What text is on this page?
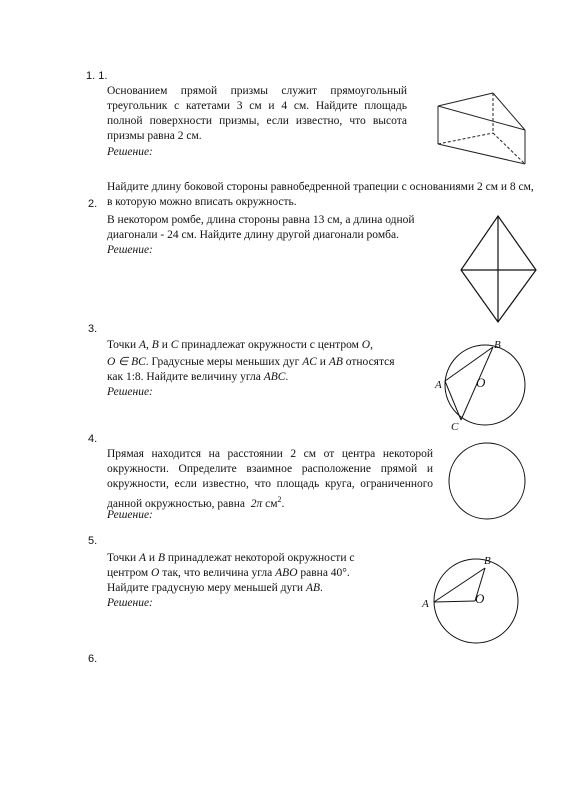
1. 1.
Основанием прямой призмы служит прямоугольный треугольник с катетами 3 см и 4 см. Найдите площадь полной поверхности призмы, если известно, что высота призмы равна 2 см.
Решение:
Найдите длину боковой стороны равнобедренной трапеции с основаниями 2 см и 8 см, в которую можно вписать окружность.
2.
В некотором ромбе, длина стороны равна 13 см, а длина одной диагонали - 24 см. Найдите длину другой диагонали ромба.
Решение:
3.
Точки A, B и C принадлежат окружности с центром O,
O ∈ BC. Градусные меры меньших дуг AC и AB относятся
как 1:8. Найдите величину угла ABC.
Решение:
A
B
C
O
4.
Прямая находится на расстоянии 2 см от центра некоторой окружности. Определите взаимное расположение прямой и окружности, если известно, что площадь круга, ограниченного данной окружностью, равна 2π $см^2$.
Решение:
5.
Точки A и B принадлежат некоторой окружности с
центром O так, что величина угла ABO равна 40°.
Найдите градусную меру меньшей дуги AB.
Решение:	A
B
O
6.
